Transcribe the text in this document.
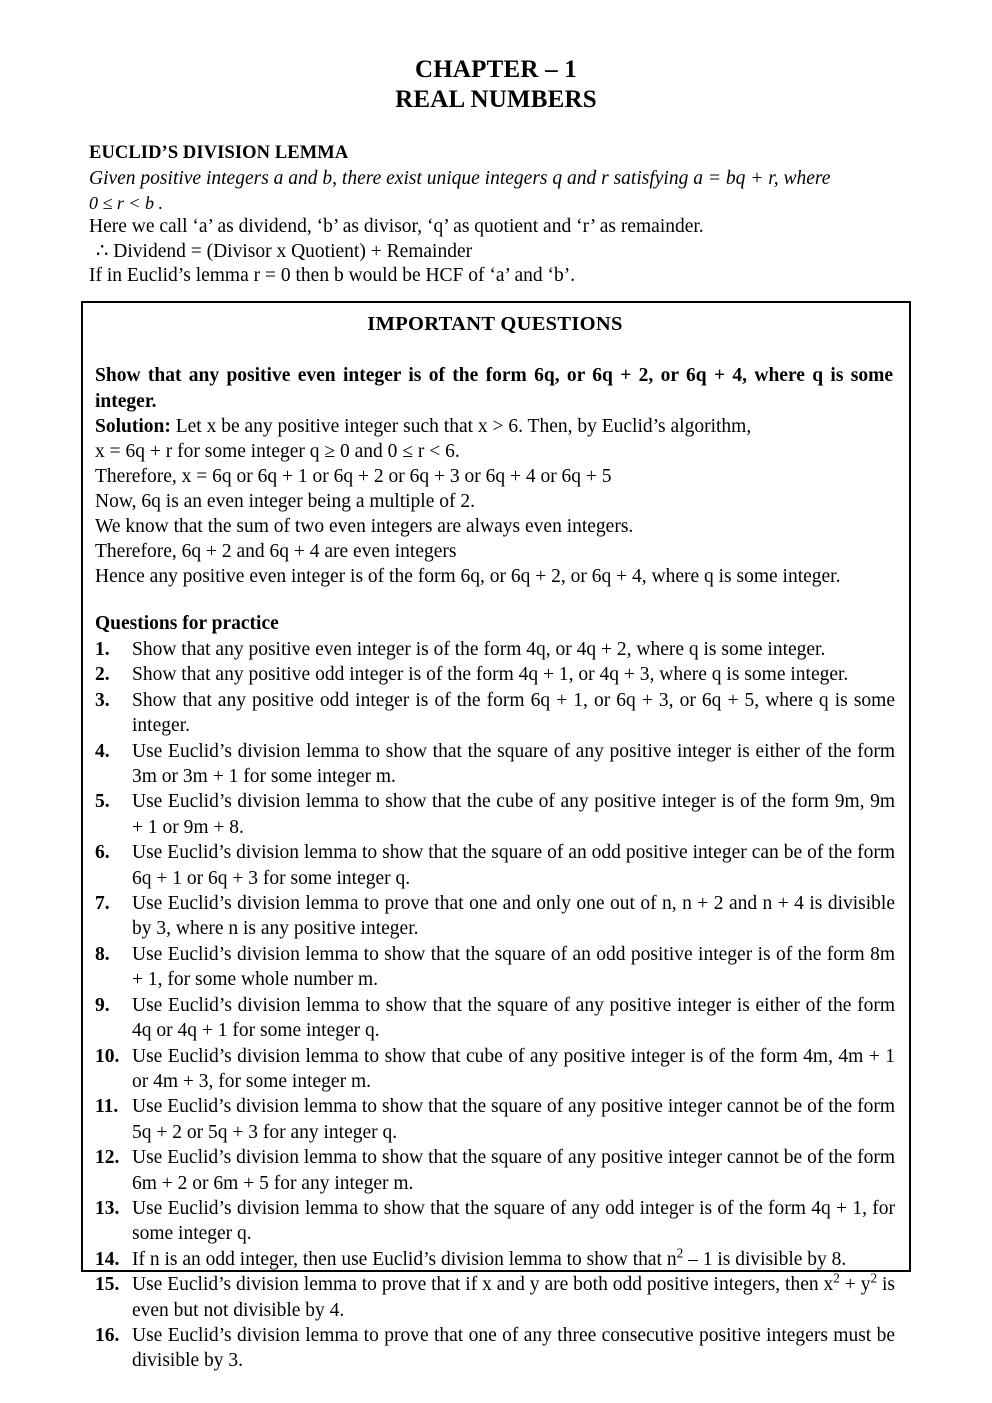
CHAPTER – 1
REAL NUMBERS
EUCLID’S DIVISION LEMMA

Given positive integers a and b, there exist unique integers q and r satisfying a = bq + r, where

0 ≤ r < b .

Here we call ‘a’ as dividend, ‘b’ as divisor, ‘q’ as quotient and ‘r’ as remainder.

∴ Dividend = (Divisor x Quotient) + Remainder

If in Euclid’s lemma r = 0 then b would be HCF of ‘a’ and ‘b’.

IMPORTANT QUESTIONS

Show that any positive even integer is of the form 6q, or 6q + 2, or 6q + 4, where q is some integer.

Solution: Let x be any positive integer such that x > 6. Then, by Euclid’s algorithm,

x = 6q + r for some integer q ≥ 0 and 0 ≤ r < 6.

Therefore, x = 6q or 6q + 1 or 6q + 2 or 6q + 3 or 6q + 4 or 6q + 5

Now, 6q is an even integer being a multiple of 2.

We know that the sum of two even integers are always even integers.

Therefore, 6q + 2 and 6q + 4 are even integers

Hence any positive even integer is of the form 6q, or 6q + 2, or 6q + 4, where q is some integer.

Questions for practice
1.	Show that any positive even integer is of the form 4q, or 4q + 2, where q is some integer.
2.	Show that any positive odd integer is of the form 4q + 1, or 4q + 3, where q is some integer.
3.	Show that any positive odd integer is of the form 6q + 1, or 6q + 3, or 6q + 5, where q is some integer.
4.	Use Euclid’s division lemma to show that the square of any positive integer is either of the form 3m or 3m + 1 for some integer m.
5.	Use Euclid’s division lemma to show that the cube of any positive integer is of the form 9m, 9m + 1 or 9m + 8.
6.	Use Euclid’s division lemma to show that the square of an odd positive integer can be of the form 6q + 1 or 6q + 3 for some integer q.
7.	Use Euclid’s division lemma to prove that one and only one out of n, n + 2 and n + 4 is divisible by 3, where n is any positive integer.
8.	Use Euclid’s division lemma to show that the square of an odd positive integer is of the form 8m + 1, for some whole number m.
9.	Use Euclid’s division lemma to show that the square of any positive integer is either of the form 4q or 4q + 1 for some integer q.
10. Use Euclid’s division lemma to show that cube of any positive integer is of the form 4m, 4m + 1 or 4m + 3, for some integer m.
11. Use Euclid’s division lemma to show that the square of any positive integer cannot be of the form 5q + 2 or 5q + 3 for any integer q.
12. Use Euclid’s division lemma to show that the square of any positive integer cannot be of the form 6m + 2 or 6m + 5 for any integer m.
13. Use Euclid’s division lemma to show that the square of any odd integer is of the form 4q + 1, for some integer q.
14. If n is an odd integer, then use Euclid’s division lemma to show that $n^2 - 1$ is divisible by 8.
15. Use Euclid’s division lemma to prove that if x and y are both odd positive integers, then $x^2 + y^2$ is even but not divisible by 4.
16. Use Euclid’s division lemma to prove that one of any three consecutive positive integers must be divisible by 3.
